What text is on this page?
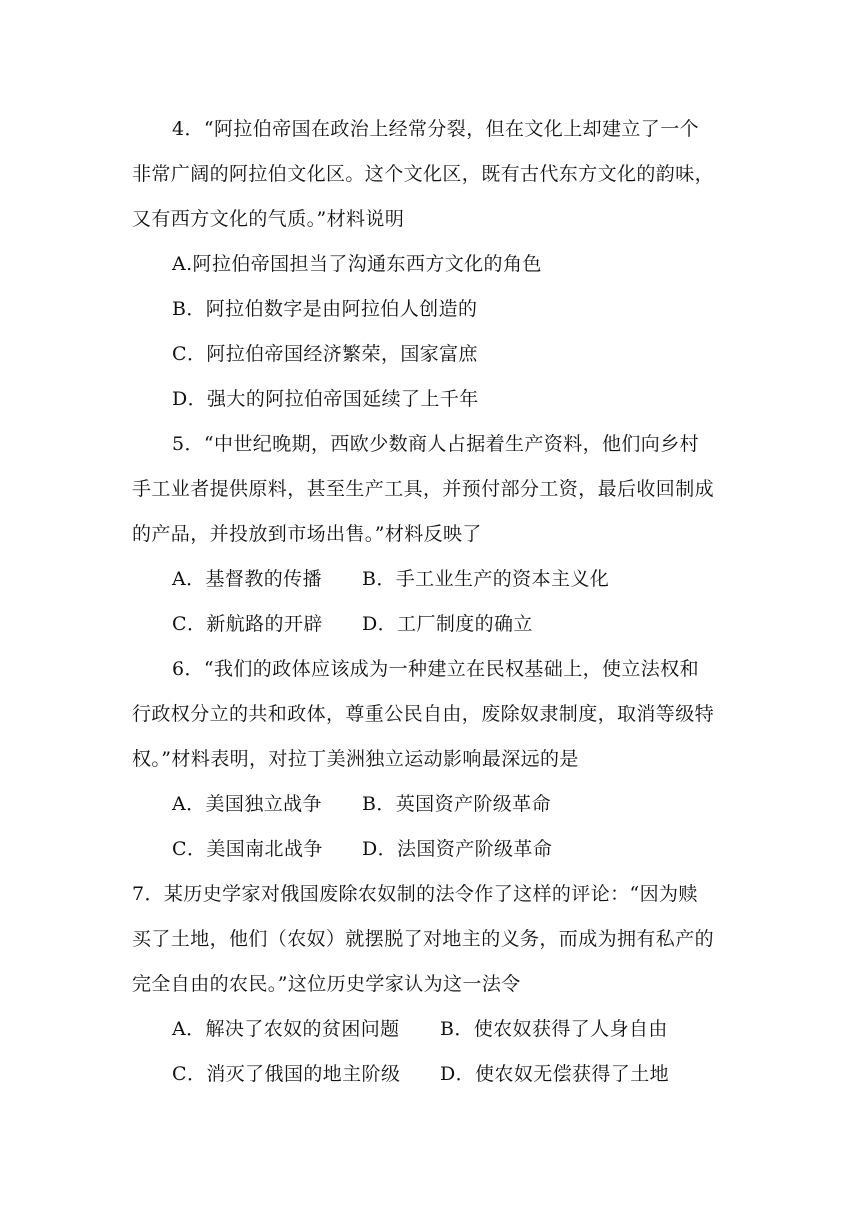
4．“阿拉伯帝国在政治上经常分裂，但在文化上却建立了一个
非常广阔的阿拉伯文化区。这个文化区，既有古代东方文化的韵味，
又有西方文化的气质。”材料说明
A.阿拉伯帝国担当了沟通东西方文化的角色
B．阿拉伯数字是由阿拉伯人创造的
C．阿拉伯帝国经济繁荣，国家富庶
D．强大的阿拉伯帝国延续了上千年
5．“中世纪晚期，西欧少数商人占据着生产资料，他们向乡村
手工业者提供原料，甚至生产工具，并预付部分工资，最后收回制成
的产品，并投放到市场出售。”材料反映了
A．基督教的传播 B．手工业生产的资本主义化
C．新航路的开辟 D．工厂制度的确立
6．“我们的政体应该成为一种建立在民权基础上，使立法权和
行政权分立的共和政体，尊重公民自由，废除奴隶制度，取消等级特
权。”材料表明，对拉丁美洲独立运动影响最深远的是
A．美国独立战争 B．英国资产阶级革命
C．美国南北战争 D．法国资产阶级革命
7．某历史学家对俄国废除农奴制的法令作了这样的评论：“因为赎
买了土地，他们（农奴）就摆脱了对地主的义务，而成为拥有私产的
完全自由的农民。”这位历史学家认为这一法令
A．解决了农奴的贫困问题 B．使农奴获得了人身自由
C．消灭了俄国的地主阶级 D．使农奴无偿获得了土地
